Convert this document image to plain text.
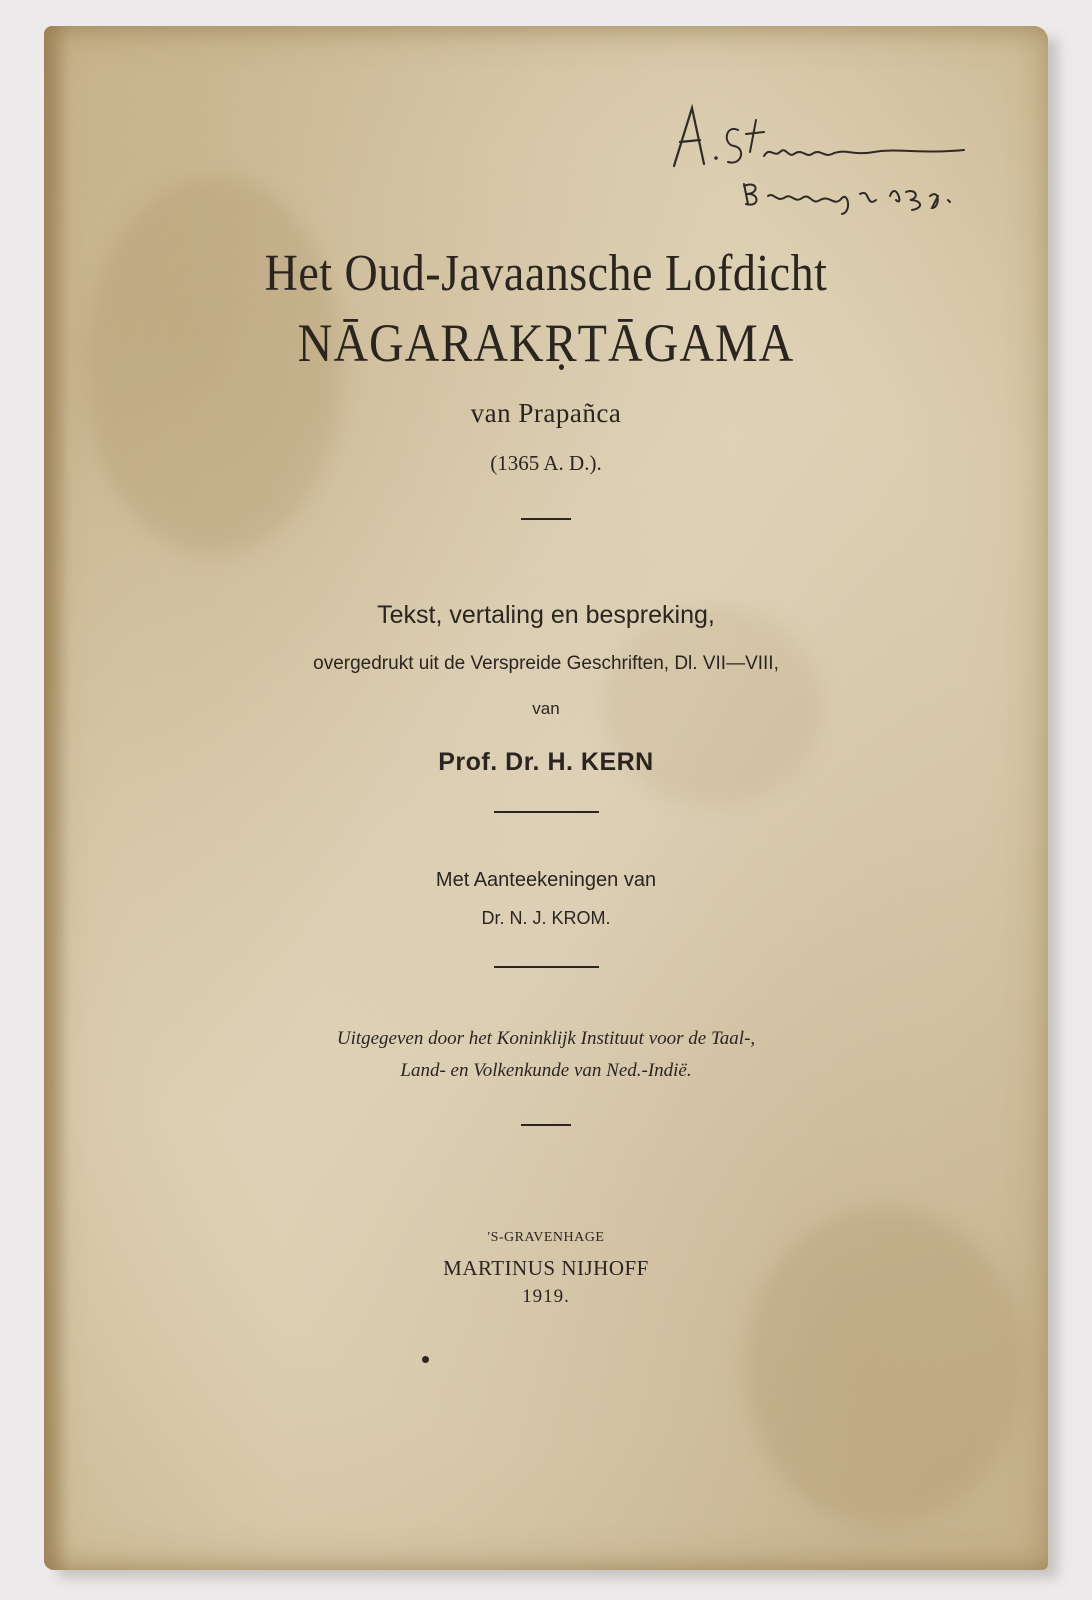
Het Oud-Javaansche Lofdicht
NĀGARAKṚTĀGAMA
van Prapañca
(1365 A. D.).
Tekst, vertaling en bespreking,
overgedrukt uit de Verspreide Geschriften, Dl. VII—VIII,
van
Prof. Dr. H. KERN
Met Aanteekeningen van
Dr. N. J. KROM.
Uitgegeven door het Koninklijk Instituut voor de Taal-,
Land- en Volkenkunde van Ned.-Indië.
'S-GRAVENHAGE
MARTINUS NIJHOFF
1919.
